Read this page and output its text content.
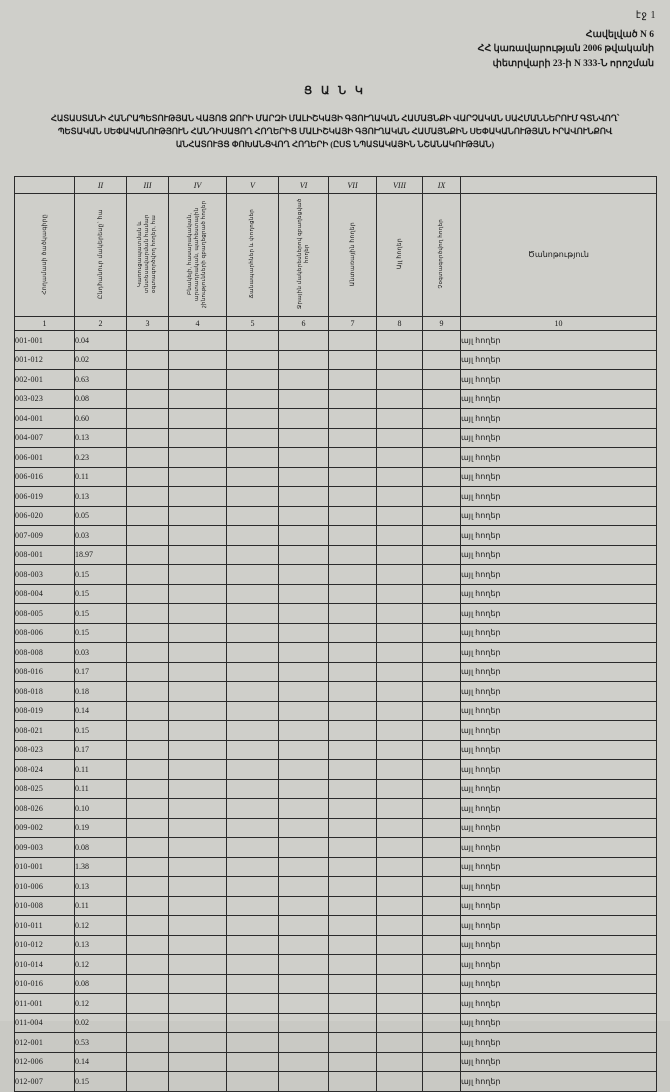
էջ 1
Հավելված N 6
ՀՀ կառավարության 2006 թվականի
փետրվարի 23-ի N 333-Ն որոշման
Ց Ա Ն Կ
ՀԱՏԱՍՏԱՆԻ ՀԱՆՐԱՊԵՏՈՒԹՅԱՆ ՎԱՅՈՑ ՁՈՐԻ ՄԱՐԶԻ ՄԱԼԻՇԿԱՅԻ ԳՅՈՒՂԱԿԱՆ ՀԱՄԱՅՆՔԻ ՎԱՐՉԱԿԱՆ ՍԱՀՄԱՆՆԵՐՈՒՄ ԳՏՆՎՈՂ՝ ՊԵՏԱԿԱՆ ՍԵՓԱԿԱՆՈՒԹՅՈՒՆ ՀԱՆԴԻՍԱՑՈՂ ՀՈՂԵՐԻՑ ՄԱԼԻՇԿԱՅԻ ԳՅՈՒՂԱԿԱՆ ՀԱՄԱՅՆՔԻՆ ՍԵՓԱԿԱՆՈՒԹՅԱՆ ԻՐԱՎՈՒՆՔՈՎ ԱՆՀԱՏՈՒՅՑ ՓՈԽԱՆՑՎՈՂ ՀՈՂԵՐԻ (ԸՍՏ ՆՊԱՏԱԿԱՅԻՆ ՆՇԱՆԱԿՈՒԹՅԱՆ)
	II	III	IV	V	VI	VII	VIII	IX	
Հողամասի ծածկագիրը	Ընդհանուր մակերեսը` հա	Կառուցապատման և տնտեսավարման համար օգտագործվող հողեր, հա	Բնակելի, հասարակական, արտադրական, պահեստային շինությունների զբաղեցրած հողեր	Ճանապարհներ և փողոցներ	Ջրային մակերեսներով զբաղեցված հողեր	Անտառային հողեր	Այլ հողեր	Չօգտագործվող հողեր	Ծանոթություն
1	2	3	4	5	6	7	8	9	10
001-001	0.04								այլ հողեր
001-012	0.02								այլ հողեր
002-001	0.63								այլ հողեր
003-023	0.08								այլ հողեր
004-001	0.60								այլ հողեր
004-007	0.13								այլ հողեր
006-001	0.23								այլ հողեր
006-016	0.11								այլ հողեր
006-019	0.13								այլ հողեր
006-020	0.05								այլ հողեր
007-009	0.03								այլ հողեր
008-001	18.97								այլ հողեր
008-003	0.15								այլ հողեր
008-004	0.15								այլ հողեր
008-005	0.15								այլ հողեր
008-006	0.15								այլ հողեր
008-008	0.03								այլ հողեր
008-016	0.17								այլ հողեր
008-018	0.18								այլ հողեր
008-019	0.14								այլ հողեր
008-021	0.15								այլ հողեր
008-023	0.17								այլ հողեր
008-024	0.11								այլ հողեր
008-025	0.11								այլ հողեր
008-026	0.10								այլ հողեր
009-002	0.19								այլ հողեր
009-003	0.08								այլ հողեր
010-001	1.38								այլ հողեր
010-006	0.13								այլ հողեր
010-008	0.11								այլ հողեր
010-011	0.12								այլ հողեր
010-012	0.13								այլ հողեր
010-014	0.12								այլ հողեր
010-016	0.08								այլ հողեր
011-001	0.12								այլ հողեր
011-004	0.02								այլ հողեր
012-001	0.53								այլ հողեր
012-006	0.14								այլ հողեր
012-007	0.15								այլ հողեր
